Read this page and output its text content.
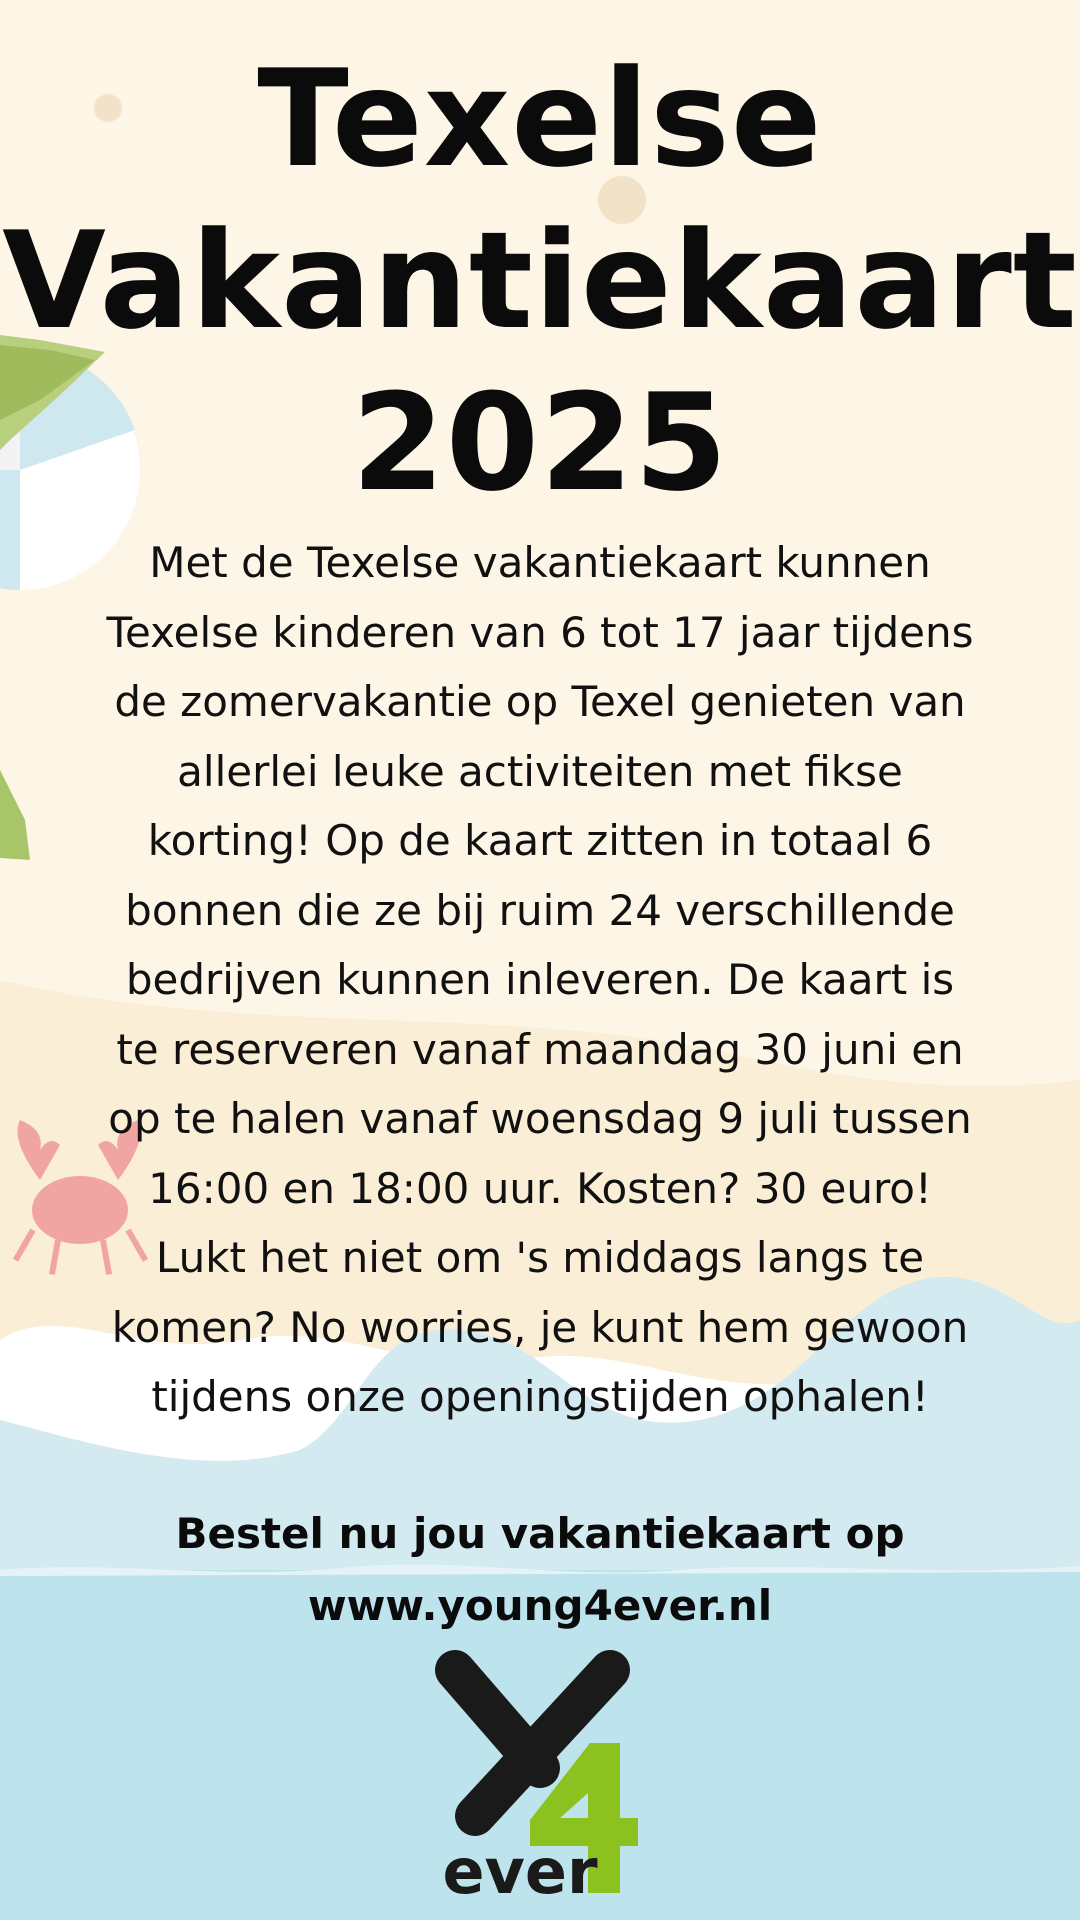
Texelse
Vakantiekaart
2025
Met de Texelse vakantiekaart kunnen Texelse kinderen van 6 tot 17 jaar tijdens de zomervakantie op Texel genieten van allerlei leuke activiteiten met fikse korting! Op de kaart zitten in totaal 6 bonnen die ze bij ruim 24 verschillende bedrijven kunnen inleveren. De kaart is te reserveren vanaf maandag 30 juni en op te halen vanaf woensdag 9 juli tussen 16:00 en 18:00 uur. Kosten? 30 euro! Lukt het niet om 's middags langs te komen? No worries, je kunt hem gewoon tijdens onze openingstijden ophalen!
Bestel nu jou vakantiekaart op
www.young4ever.nl
ever
